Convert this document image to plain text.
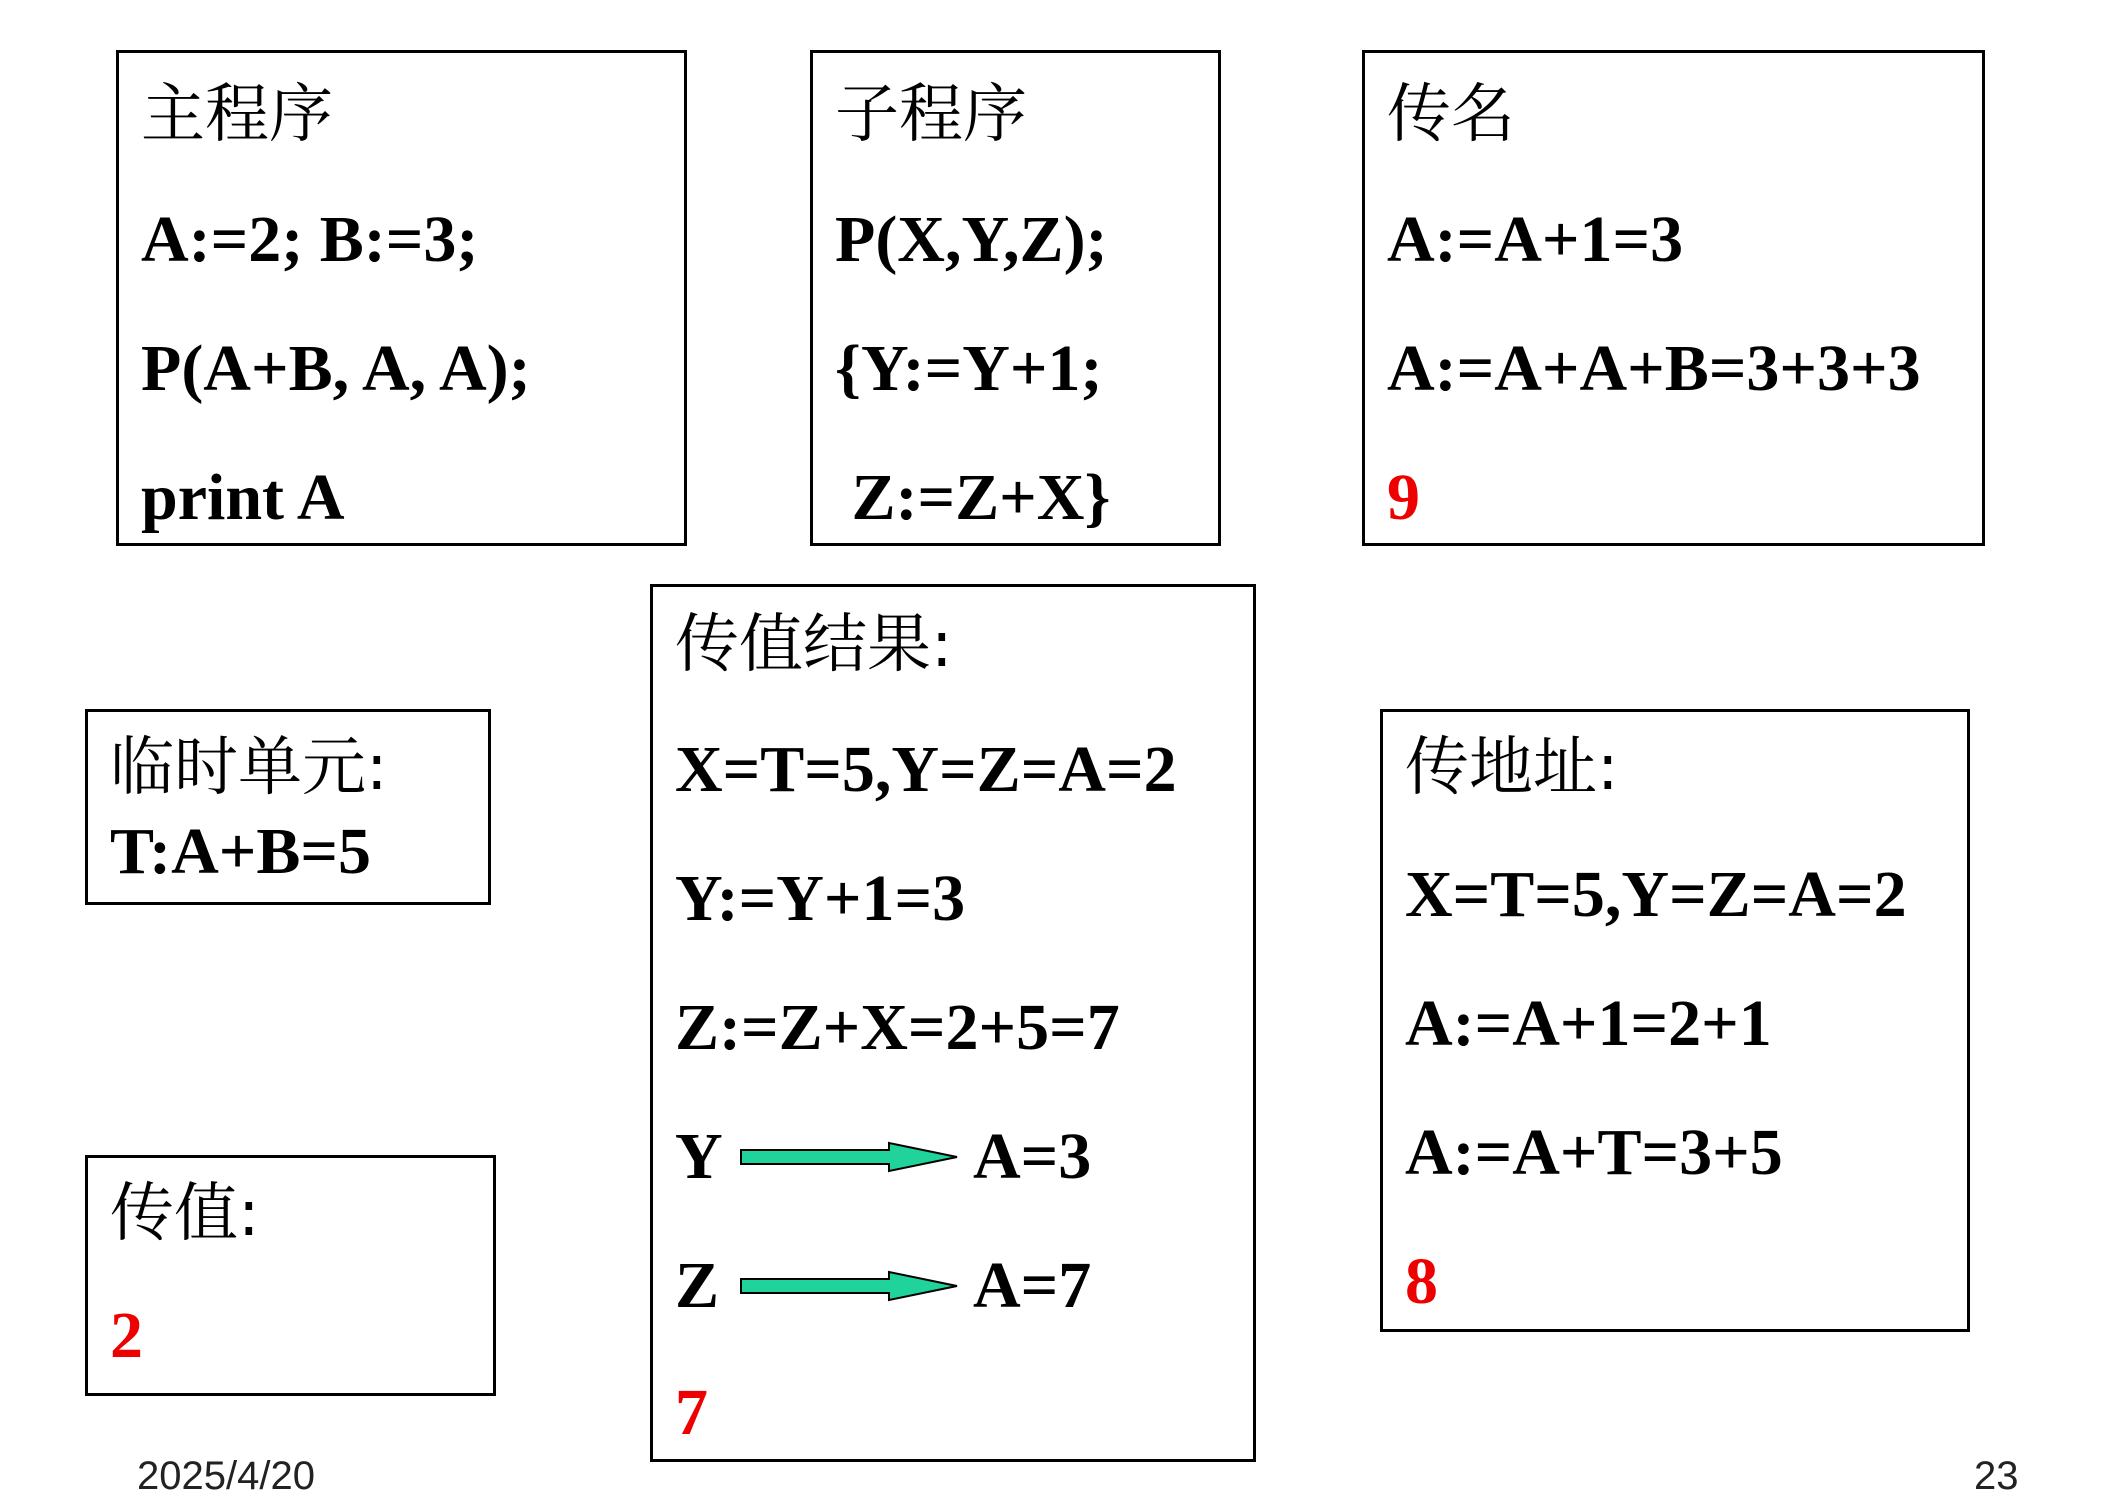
主程序
A:=2; B:=3;
P(A+B, A, A);
print A
子程序
P(X,Y,Z);
{Y:=Y+1;
Z:=Z+X}
传名
A:=A+1=3
A:=A+A+B=3+3+3
9
临时单元:
T:A+B=5
传值结果:
X=T=5,Y=Z=A=2
Y:=Y+1=3
Z:=Z+X=2+5=7
Y	A=3
Z	A=7
7
传地址:
X=T=5,Y=Z=A=2
A:=A+1=2+1
A:=A+T=3+5
8
传值:
2
2025/4/20	23
